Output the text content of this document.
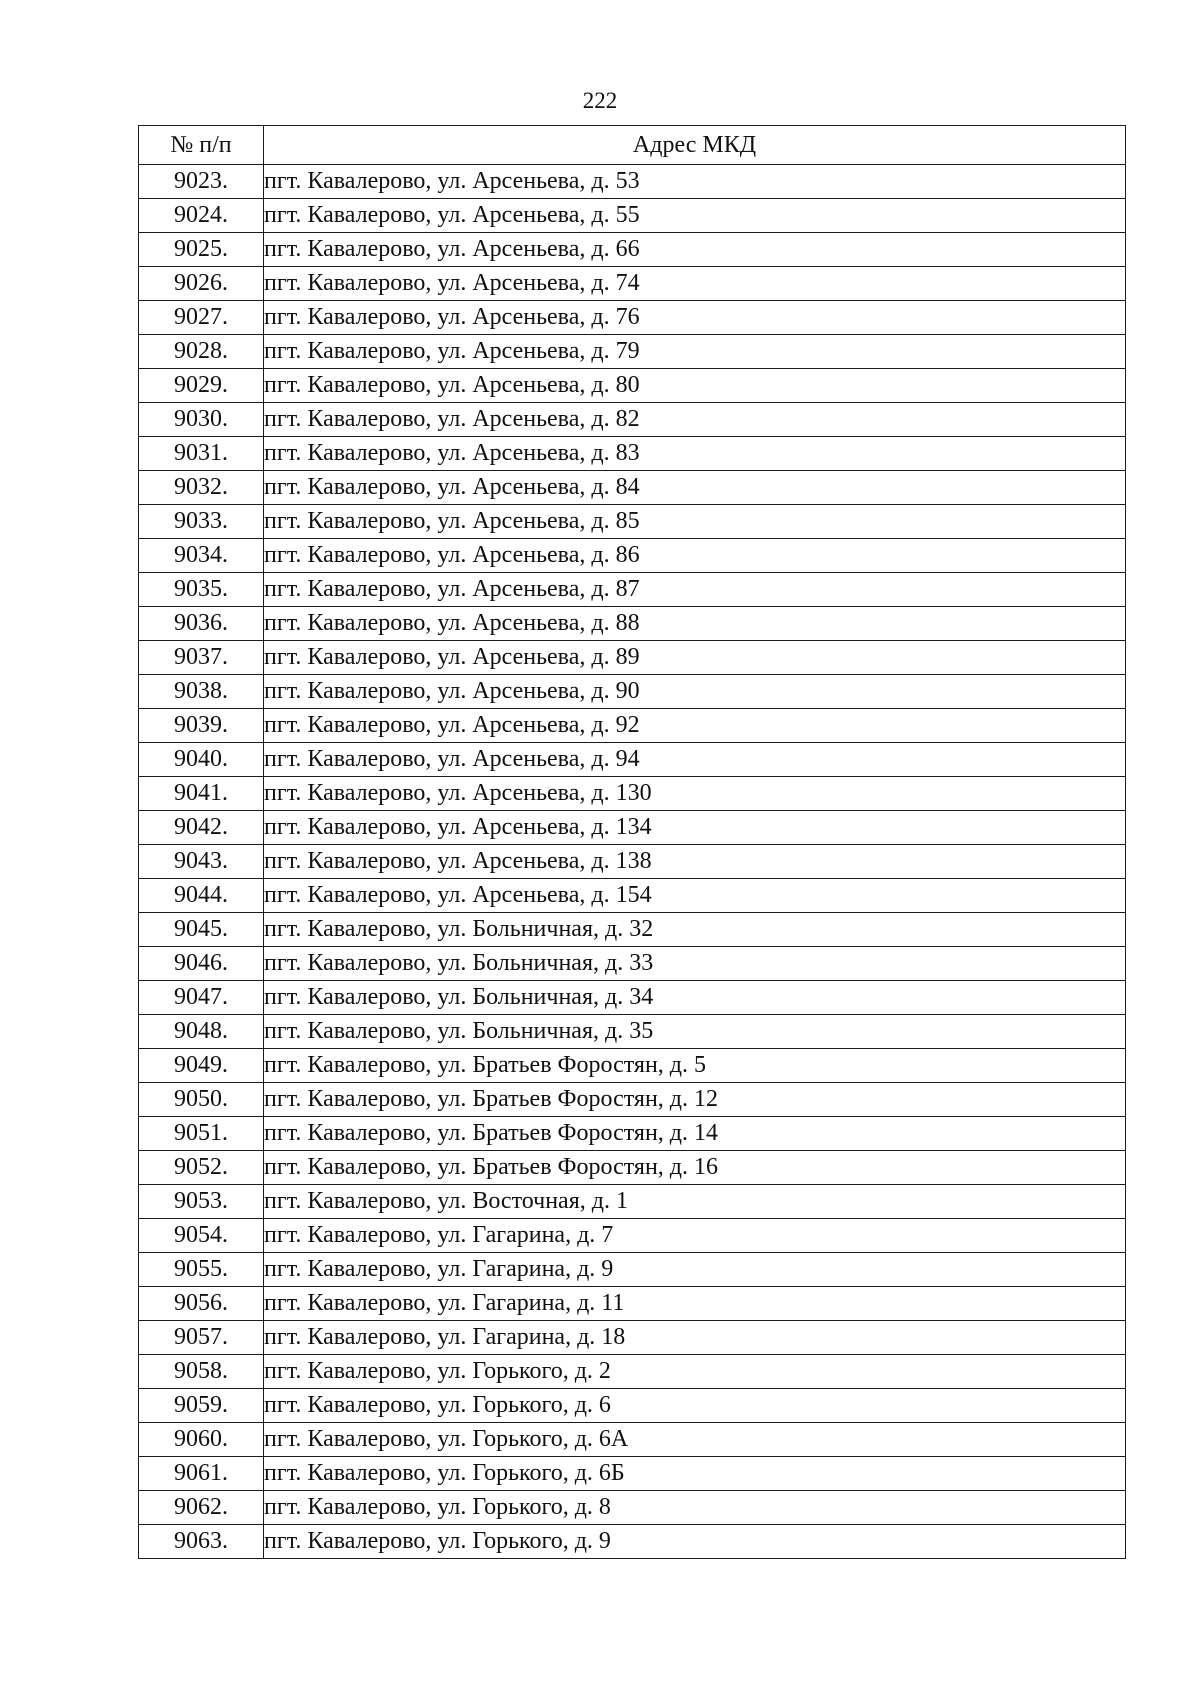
222
№ п/п	Адрес МКД
9023.	пгт. Кавалерово, ул. Арсеньева, д. 53
9024.	пгт. Кавалерово, ул. Арсеньева, д. 55
9025.	пгт. Кавалерово, ул. Арсеньева, д. 66
9026.	пгт. Кавалерово, ул. Арсеньева, д. 74
9027.	пгт. Кавалерово, ул. Арсеньева, д. 76
9028.	пгт. Кавалерово, ул. Арсеньева, д. 79
9029.	пгт. Кавалерово, ул. Арсеньева, д. 80
9030.	пгт. Кавалерово, ул. Арсеньева, д. 82
9031.	пгт. Кавалерово, ул. Арсеньева, д. 83
9032.	пгт. Кавалерово, ул. Арсеньева, д. 84
9033.	пгт. Кавалерово, ул. Арсеньева, д. 85
9034.	пгт. Кавалерово, ул. Арсеньева, д. 86
9035.	пгт. Кавалерово, ул. Арсеньева, д. 87
9036.	пгт. Кавалерово, ул. Арсеньева, д. 88
9037.	пгт. Кавалерово, ул. Арсеньева, д. 89
9038.	пгт. Кавалерово, ул. Арсеньева, д. 90
9039.	пгт. Кавалерово, ул. Арсеньева, д. 92
9040.	пгт. Кавалерово, ул. Арсеньева, д. 94
9041.	пгт. Кавалерово, ул. Арсеньева, д. 130
9042.	пгт. Кавалерово, ул. Арсеньева, д. 134
9043.	пгт. Кавалерово, ул. Арсеньева, д. 138
9044.	пгт. Кавалерово, ул. Арсеньева, д. 154
9045.	пгт. Кавалерово, ул. Больничная, д. 32
9046.	пгт. Кавалерово, ул. Больничная, д. 33
9047.	пгт. Кавалерово, ул. Больничная, д. 34
9048.	пгт. Кавалерово, ул. Больничная, д. 35
9049.	пгт. Кавалерово, ул. Братьев Форостян, д. 5
9050.	пгт. Кавалерово, ул. Братьев Форостян, д. 12
9051.	пгт. Кавалерово, ул. Братьев Форостян, д. 14
9052.	пгт. Кавалерово, ул. Братьев Форостян, д. 16
9053.	пгт. Кавалерово, ул. Восточная, д. 1
9054.	пгт. Кавалерово, ул. Гагарина, д. 7
9055.	пгт. Кавалерово, ул. Гагарина, д. 9
9056.	пгт. Кавалерово, ул. Гагарина, д. 11
9057.	пгт. Кавалерово, ул. Гагарина, д. 18
9058.	пгт. Кавалерово, ул. Горького, д. 2
9059.	пгт. Кавалерово, ул. Горького, д. 6
9060.	пгт. Кавалерово, ул. Горького, д. 6А
9061.	пгт. Кавалерово, ул. Горького, д. 6Б
9062.	пгт. Кавалерово, ул. Горького, д. 8
9063.	пгт. Кавалерово, ул. Горького, д. 9
